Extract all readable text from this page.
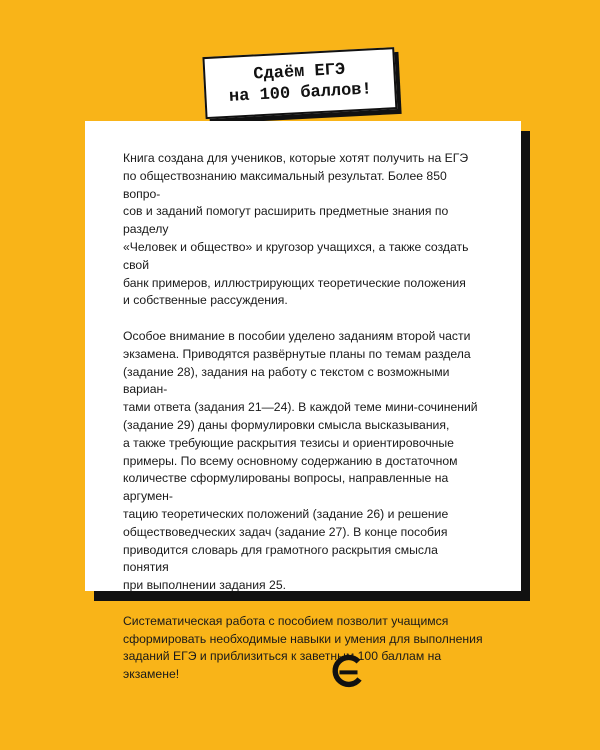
Сдаём ЕГЭ
на 100 баллов!

Книга создана для учеников, которые хотят получить на ЕГЭ
по обществознанию максимальный результат. Более 850 вопро-
сов и заданий помогут расширить предметные знания по разделу
«Человек и общество» и кругозор учащихся, а также создать свой
банк примеров, иллюстрирующих теоретические положения
и собственные рассуждения.

Особое внимание в пособии уделено заданиям второй части
экзамена. Приводятся развёрнутые планы по темам раздела
(задание 28), задания на работу с текстом с возможными вариан-
тами ответа (задания 21—24). В каждой теме мини-сочинений
(задание 29) даны формулировки смысла высказывания,
а также требующие раскрытия тезисы и ориентировочные
примеры. По всему основному содержанию в достаточном
количестве сформулированы вопросы, направленные на аргумен-
тацию теоретических положений (задание 26) и решение
обществоведческих задач (задание 27). В конце пособия
приводится словарь для грамотного раскрытия смысла понятия
при выполнении задания 25.

Систематическая работа с пособием позволит учащимся
сформировать необходимые навыки и умения для выполнения
заданий ЕГЭ и приблизиться к заветным 100 баллам на экзамене!
